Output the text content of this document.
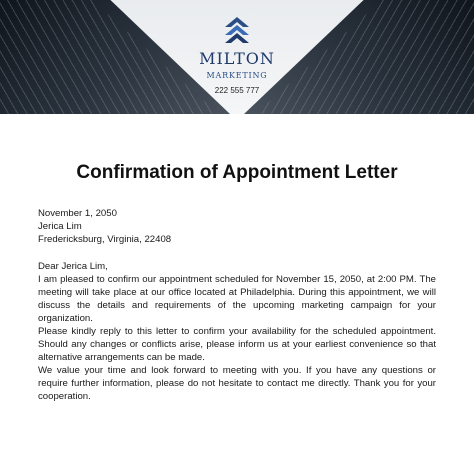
MILTON
MARKETING
222 555 777
Confirmation of Appointment Letter

November 1, 2050

Jerica Lim

Fredericksburg, Virginia, 22408

Dear Jerica Lim,

I am pleased to confirm our appointment scheduled for November 15, 2050, at 2:00 PM. The meeting will take place at our office located at Philadelphia. During this appointment, we will discuss the details and requirements of the upcoming marketing campaign for your organization.

Please kindly reply to this letter to confirm your availability for the scheduled appointment. Should any changes or conflicts arise, please inform us at your earliest convenience so that alternative arrangements can be made.

We value your time and look forward to meeting with you. If you have any questions or require further information, please do not hesitate to contact me directly. Thank you for your cooperation.
